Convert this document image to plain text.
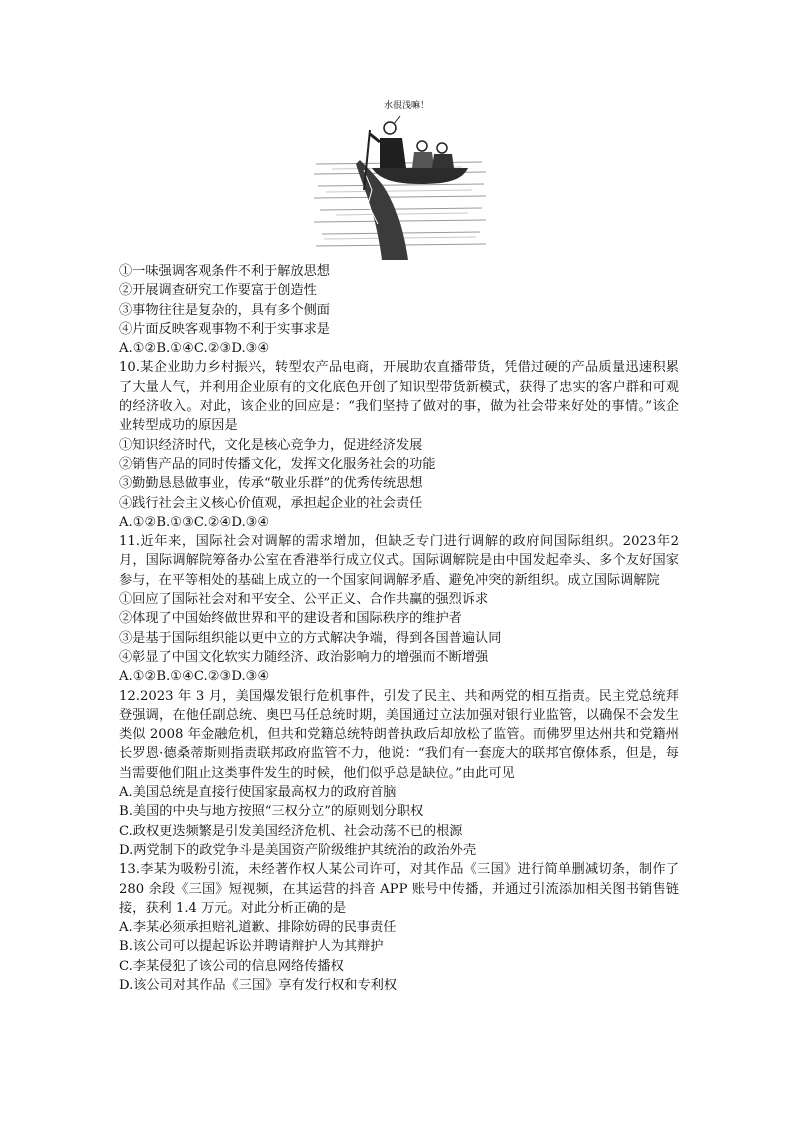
水很浅嘛！
①一味强调客观条件不利于解放思想
②开展调查研究工作要富于创造性
③事物往往是复杂的，具有多个侧面
④片面反映客观事物不利于实事求是
A.①②B.①④C.②③D.③④
10.某企业助力乡村振兴，转型农产品电商，开展助农直播带货，凭借过硬的产品质量迅速积累了大量人气，并利用企业原有的文化底色开创了知识型带货新模式，获得了忠实的客户群和可观的经济收入。对此，该企业的回应是：“我们坚持了做对的事，做为社会带来好处的事情。”该企业转型成功的原因是
①知识经济时代，文化是核心竞争力，促进经济发展
②销售产品的同时传播文化，发挥文化服务社会的功能
③勤勤恳恳做事业，传承“敬业乐群”的优秀传统思想
④践行社会主义核心价值观，承担起企业的社会责任
A.①②B.①③C.②④D.③④
11.近年来，国际社会对调解的需求增加，但缺乏专门进行调解的政府间国际组织。2023年2月，国际调解院筹备办公室在香港举行成立仪式。国际调解院是由中国发起牵头、多个友好国家参与，在平等相处的基础上成立的一个国家间调解矛盾、避免冲突的新组织。成立国际调解院
①回应了国际社会对和平安全、公平正义、合作共赢的强烈诉求
②体现了中国始终做世界和平的建设者和国际秩序的维护者
③是基于国际组织能以更中立的方式解决争端，得到各国普遍认同
④彰显了中国文化软实力随经济、政治影响力的增强而不断增强
A.①②B.①④C.②③D.③④
12.2023 年 3 月，美国爆发银行危机事件，引发了民主、共和两党的相互指责。民主党总统拜登强调，在他任副总统、奥巴马任总统时期，美国通过立法加强对银行业监管，以确保不会发生类似 2008 年金融危机，但共和党籍总统特朗普执政后却放松了监管。而佛罗里达州共和党籍州长罗恩·德桑蒂斯则指责联邦政府监管不力，他说：“我们有一套庞大的联邦官僚体系，但是，每当需要他们阻止这类事件发生的时候，他们似乎总是缺位。”由此可见
A.美国总统是直接行使国家最高权力的政府首脑
B.美国的中央与地方按照“三权分立”的原则划分职权
C.政权更迭频繁是引发美国经济危机、社会动荡不已的根源
D.两党制下的政党争斗是美国资产阶级维护其统治的政治外壳
13.李某为吸粉引流，未经著作权人某公司许可，对其作品《三国》进行简单删减切条，制作了 280 余段《三国》短视频，在其运营的抖音 APP 账号中传播，并通过引流添加相关图书销售链接，获利 1.4 万元。对此分析正确的是
A.李某必须承担赔礼道歉、排除妨碍的民事责任
B.该公司可以提起诉讼并聘请辩护人为其辩护
C.李某侵犯了该公司的信息网络传播权
D.该公司对其作品《三国》享有发行权和专利权
